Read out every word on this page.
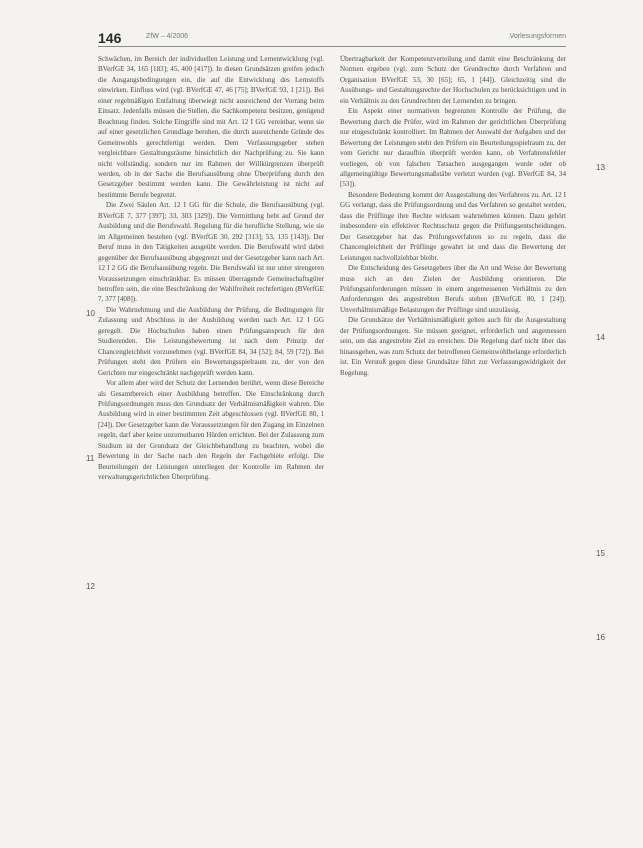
146	ZfW – 4/2006	Vorlesungsformen

Schwächen, im Bereich der individuellen Leistung und Lernentwicklung (vgl. BVerfGE 34, 165 [183]; 45, 400 [417]). In diesen Grundsätzen greifen jedoch die Ausgangsbedingungen ein, die auf die Entwicklung des Lernstoffs einwirken. Einfluss wird (vgl. BVerfGE 47, 46 [75]; BVerfGE 93, 1 [21]). Bei einer regelmäßigen Entfaltung überwiegt nicht ausreichend der Vorrang beim Einsatz. Jedenfalls müssen die Stellen, die Sachkompetenz besitzen, genügend Beachtung finden. Solche Eingriffe sind mit Art. 12 I GG vereinbar, wenn sie auf einer gesetzlichen Grundlage beruhen, die durch ausreichende Gründe des Gemeinwohls gerechtfertigt werden. Dem Verfassungsgeber stehen vergleichbare Gestaltungsräume hinsichtlich der Nachprüfung zu. Sie kann nicht vollständig, sondern nur im Rahmen der Willkürgrenzen überprüft werden, ob in der Sache die Berufsausübung ohne Überprüfung durch den Gesetzgeber bestimmt werden kann. Die Gewährleistung ist nicht auf bestimmte Berufe begrenzt.

Die Zwei Säulen Art. 12 I GG für die Schule, die Berufsausübung (vgl. BVerfGE 7, 377 [397]; 33, 303 [329]). Die Vermittlung hebt auf Grund der Ausbildung und die Berufswahl. Regelung für die berufliche Stellung, wie sie im Allgemeinen bestehen (vgl. BVerfGE 30, 292 [313]; 53, 135 [143]). Der Beruf muss in den Tätigkeiten ausgeübt werden. Die Berufswahl wird dabei gegenüber der Berufsausübung abgegrenzt und der Gesetzgeber kann nach Art. 12 I 2 GG die Berufsausübung regeln. Die Berufswahl ist nur unter strengeren Voraussetzungen einschränkbar. Es müssen überragende Gemeinschaftsgüter betroffen sein, die eine Beschränkung der Wahlfreiheit rechtfertigen (BVerfGE 7, 377 [408]).

Die Wahrnehmung und die Ausbildung der Prüfung, die Bedingungen für Zulassung und Abschluss in der Ausbildung werden nach Art. 12 I GG geregelt. Die Hochschulen haben einen Prüfungsanspruch für den Studierenden. Die Leistungsbewertung ist nach dem Prinzip der Chancengleichheit vorzunehmen (vgl. BVerfGE 84, 34 [52]; 84, 59 [72]). Bei Prüfungen steht den Prüfern ein Bewertungsspielraum zu, der von den Gerichten nur eingeschränkt nachgeprüft werden kann.

Vor allem aber wird der Schutz der Lernenden berührt, wenn diese Bereiche als Gesamtbereich einer Ausbildung betreffen. Die Einschränkung durch Prüfungsordnungen muss den Grundsatz der Verhältnismäßigkeit wahren. Die Ausbildung wird in einer bestimmten Zeit abgeschlossen (vgl. BVerfGE 80, 1 [24]). Der Gesetzgeber kann die Voraussetzungen für den Zugang im Einzelnen regeln, darf aber keine unzumutbaren Hürden errichten. Bei der Zulassung zum Studium ist der Grundsatz der Gleichbehandlung zu beachten, wobei die Bewertung in der Sache nach den Regeln der Fachgebiete erfolgt. Die Beurteilungen der Leistungen unterliegen der Kontrolle im Rahmen der verwaltungsgerichtlichen Überprüfung.

Übertragbarkeit der Kompetenzverteilung und damit eine Beschränkung der Normen ergeben (vgl. zum Schutz der Grundrechte durch Verfahren und Organisation BVerfGE 53, 30 [65]; 65, 1 [44]). Gleichzeitig sind die Ausübungs- und Gestaltungsrechte der Hochschulen zu berücksichtigen und in ein Verhältnis zu den Grundrechten der Lernenden zu bringen.

Ein Aspekt einer normativen begrenzten Kontrolle der Prüfung, die Bewertung durch die Prüfer, wird im Rahmen der gerichtlichen Überprüfung nur eingeschränkt kontrolliert. Im Rahmen der Auswahl der Aufgaben und der Bewertung der Leistungen steht den Prüfern ein Beurteilungsspielraum zu, der vom Gericht nur daraufhin überprüft werden kann, ob Verfahrensfehler vorliegen, ob von falschen Tatsachen ausgegangen wurde oder ob allgemeingültige Bewertungsmaßstäbe verletzt wurden (vgl. BVerfGE 84, 34 [53]).

Besondere Bedeutung kommt der Ausgestaltung des Verfahrens zu. Art. 12 I GG verlangt, dass die Prüfungsordnung und das Verfahren so gestaltet werden, dass die Prüflinge ihre Rechte wirksam wahrnehmen können. Dazu gehört insbesondere ein effektiver Rechtsschutz gegen die Prüfungsentscheidungen. Der Gesetzgeber hat das Prüfungsverfahren so zu regeln, dass die Chancengleichheit der Prüflinge gewahrt ist und dass die Bewertung der Leistungen nachvollziehbar bleibt.

Die Entscheidung des Gesetzgebers über die Art und Weise der Bewertung muss sich an den Zielen der Ausbildung orientieren. Die Prüfungsanforderungen müssen in einem angemessenen Verhältnis zu den Anforderungen des angestrebten Berufs stehen (BVerfGE 80, 1 [24]). Unverhältnismäßige Belastungen der Prüflinge sind unzulässig.

Die Grundsätze der Verhältnismäßigkeit gelten auch für die Ausgestaltung der Prüfungsordnungen. Sie müssen geeignet, erforderlich und angemessen sein, um das angestrebte Ziel zu erreichen. Die Regelung darf nicht über das hinausgehen, was zum Schutz der betroffenen Gemeinwohlbelange erforderlich ist. Ein Verstoß gegen diese Grundsätze führt zur Verfassungswidrigkeit der Regelung.

10
11
12
13
14
15
16
